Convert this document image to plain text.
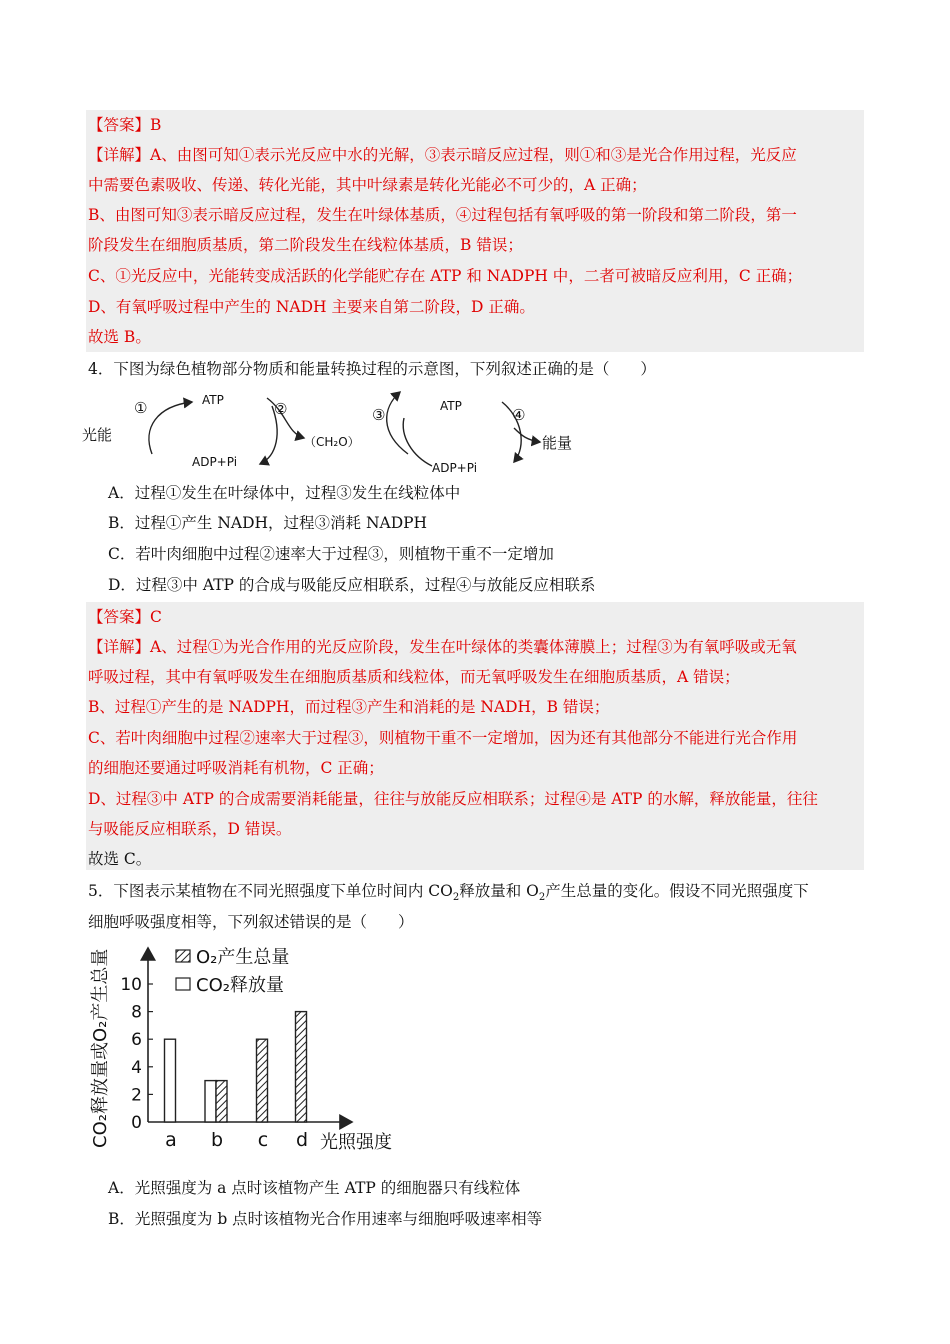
【答案】B
【详解】A、由图可知①表示光反应中水的光解，③表示暗反应过程，则①和③是光合作用过程，光反应
中需要色素吸收、传递、转化光能，其中叶绿素是转化光能必不可少的，A 正确；
B、由图可知③表示暗反应过程，发生在叶绿体基质，④过程包括有氧呼吸的第一阶段和第二阶段，第一
阶段发生在细胞质基质，第二阶段发生在线粒体基质，B 错误；
C、①光反应中，光能转变成活跃的化学能贮存在 ATP 和 NADPH 中，二者可被暗反应利用，C 正确；
D、有氧呼吸过程中产生的 NADH 主要来自第二阶段，D 正确。
故选 B。
4．下图为绿色植物部分物质和能量转换过程的示意图，下列叙述正确的是（　　）
光能
①	ATP	②
ADP+Pi
（CH₂O）
③	ATP	④
能量
ADP+Pi
A．过程①发生在叶绿体中，过程③发生在线粒体中
B．过程①产生 NADH，过程③消耗 NADPH
C．若叶肉细胞中过程②速率大于过程③，则植物干重不一定增加
D．过程③中 ATP 的合成与吸能反应相联系，过程④与放能反应相联系
【答案】C
【详解】A、过程①为光合作用的光反应阶段，发生在叶绿体的类囊体薄膜上；过程③为有氧呼吸或无氧
呼吸过程，其中有氧呼吸发生在细胞质基质和线粒体，而无氧呼吸发生在细胞质基质，A 错误；
B、过程①产生的是 NADPH，而过程③产生和消耗的是 NADH，B 错误；
C、若叶肉细胞中过程②速率大于过程③，则植物干重不一定增加，因为还有其他部分不能进行光合作用
的细胞还要通过呼吸消耗有机物，C 正确；
D、过程③中 ATP 的合成需要消耗能量，往往与放能反应相联系；过程④是 ATP 的水解，释放能量，往往
与吸能反应相联系，D 错误。
故选 C。
5．下图表示某植物在不同光照强度下单位时间内 $CO_2$释放量和 $O_2$产生总量的变化。假设不同光照强度下
细胞呼吸强度相等，下列叙述错误的是（　　）
0
2
4
6
8
10
CO₂释放量或O₂产生总量	a b c d 光照强度
O₂产生总量
CO₂释放量
A．光照强度为 a 点时该植物产生 ATP 的细胞器只有线粒体
B．光照强度为 b 点时该植物光合作用速率与细胞呼吸速率相等
